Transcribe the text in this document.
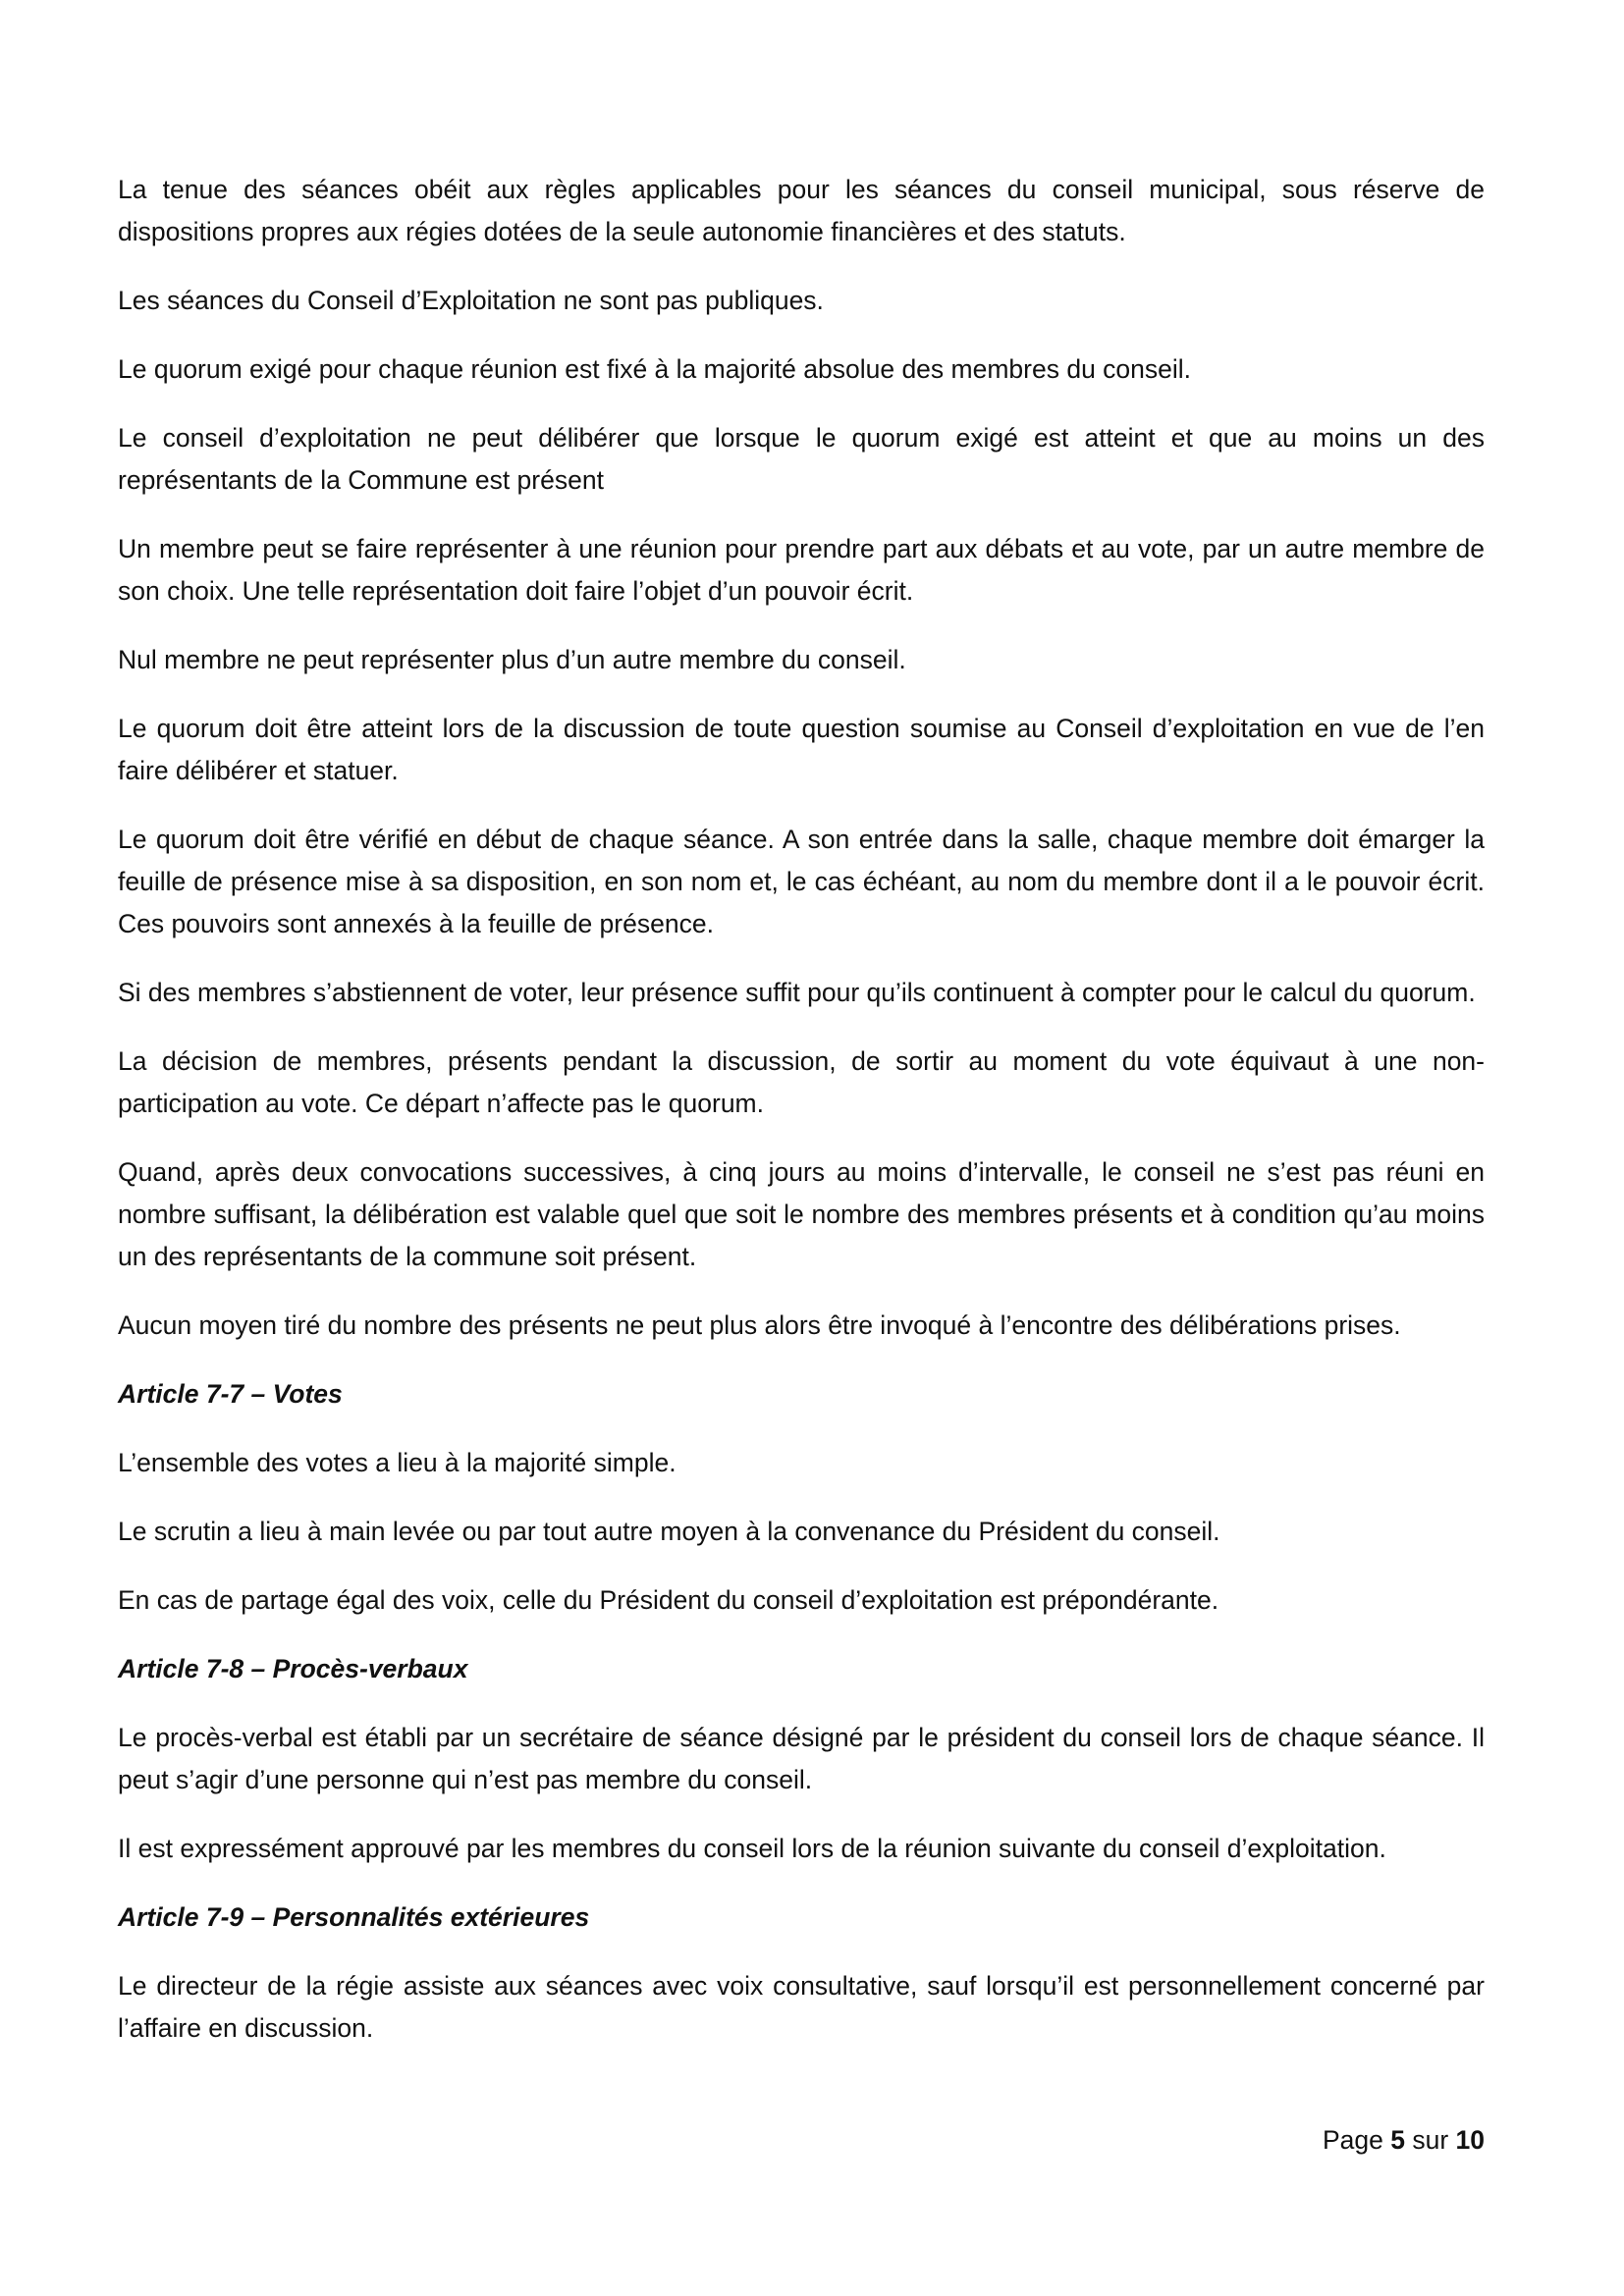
La tenue des séances obéit aux règles applicables pour les séances du conseil municipal, sous réserve de dispositions propres aux régies dotées de la seule autonomie financières et des statuts.

Les séances du Conseil d’Exploitation ne sont pas publiques.

Le quorum exigé pour chaque réunion est fixé à la majorité absolue des membres du conseil.

Le conseil d’exploitation ne peut délibérer que lorsque le quorum exigé est atteint et que au moins un des représentants de la Commune est présent

Un membre peut se faire représenter à une réunion pour prendre part aux débats et au vote, par un autre membre de son choix. Une telle représentation doit faire l’objet d’un pouvoir écrit.

Nul membre ne peut représenter plus d’un autre membre du conseil.

Le quorum doit être atteint lors de la discussion de toute question soumise au Conseil d’exploitation en vue de l’en faire délibérer et statuer.

Le quorum doit être vérifié en début de chaque séance. A son entrée dans la salle, chaque membre doit émarger la feuille de présence mise à sa disposition, en son nom et, le cas échéant, au nom du membre dont il a le pouvoir écrit. Ces pouvoirs sont annexés à la feuille de présence.

Si des membres s’abstiennent de voter, leur présence suffit pour qu’ils continuent à compter pour le calcul du quorum.

La décision de membres, présents pendant la discussion, de sortir au moment du vote équivaut à une non-participation au vote. Ce départ n’affecte pas le quorum.

Quand, après deux convocations successives, à cinq jours au moins d’intervalle, le conseil ne s’est pas réuni en nombre suffisant, la délibération est valable quel que soit le nombre des membres présents et à condition qu’au moins un des représentants de la commune soit présent.

Aucun moyen tiré du nombre des présents ne peut plus alors être invoqué à l’encontre des délibérations prises.

Article 7-7 – Votes

L’ensemble des votes a lieu à la majorité simple.

Le scrutin a lieu à main levée ou par tout autre moyen à la convenance du Président du conseil.

En cas de partage égal des voix, celle du Président du conseil d’exploitation est prépondérante.

Article 7-8 – Procès-verbaux

Le procès-verbal est établi par un secrétaire de séance désigné par le président du conseil lors de chaque séance. Il peut s’agir d’une personne qui n’est pas membre du conseil.

Il est expressément approuvé par les membres du conseil lors de la réunion suivante du conseil d’exploitation.

Article 7-9 – Personnalités extérieures

Le directeur de la régie assiste aux séances avec voix consultative, sauf lorsqu’il est personnellement concerné par l’affaire en discussion.

Page 5 sur 10
